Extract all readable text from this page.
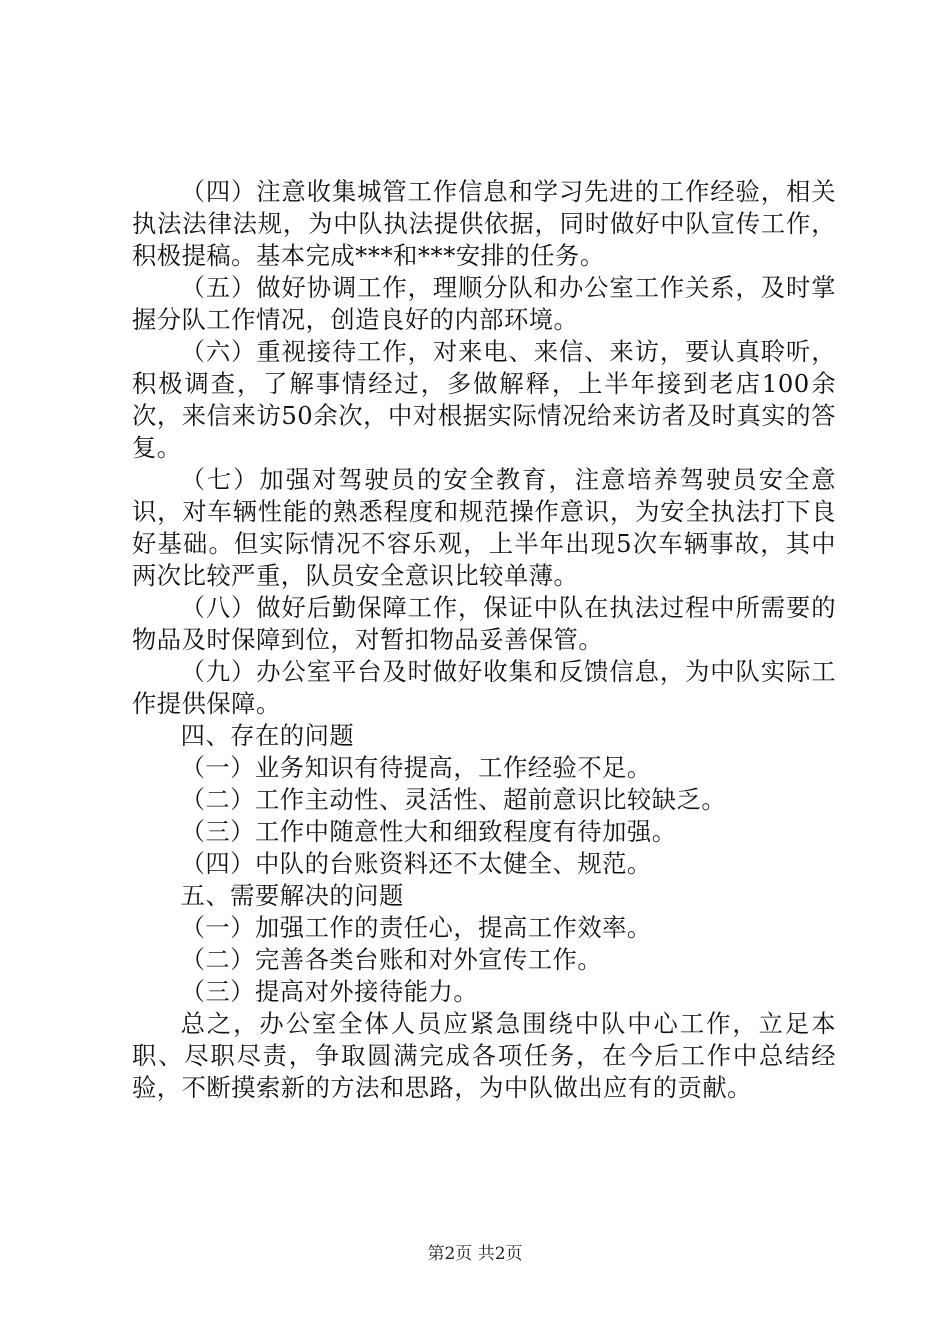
（四）注意收集城管工作信息和学习先进的工作经验，相关执法法律法规，为中队执法提供依据，同时做好中队宣传工作，积极提稿。基本完成***和***安排的任务。

（五）做好协调工作，理顺分队和办公室工作关系，及时掌握分队工作情况，创造良好的内部环境。

（六）重视接待工作，对来电、来信、来访，要认真聆听，积极调查，了解事情经过，多做解释，上半年接到老店100余次，来信来访50余次，中对根据实际情况给来访者及时真实的答复。

（七）加强对驾驶员的安全教育，注意培养驾驶员安全意识，对车辆性能的熟悉程度和规范操作意识，为安全执法打下良好基础。但实际情况不容乐观，上半年出现5次车辆事故，其中两次比较严重，队员安全意识比较单薄。

（八）做好后勤保障工作，保证中队在执法过程中所需要的物品及时保障到位，对暂扣物品妥善保管。

（九）办公室平台及时做好收集和反馈信息，为中队实际工作提供保障。

四、存在的问题

（一）业务知识有待提高，工作经验不足。

（二）工作主动性、灵活性、超前意识比较缺乏。

（三）工作中随意性大和细致程度有待加强。

（四）中队的台账资料还不太健全、规范。

五、需要解决的问题

（一）加强工作的责任心，提高工作效率。

（二）完善各类台账和对外宣传工作。

（三）提高对外接待能力。

总之，办公室全体人员应紧急围绕中队中心工作，立足本职、尽职尽责，争取圆满完成各项任务，在今后工作中总结经验，不断摸索新的方法和思路，为中队做出应有的贡献。

第2页 共2页
